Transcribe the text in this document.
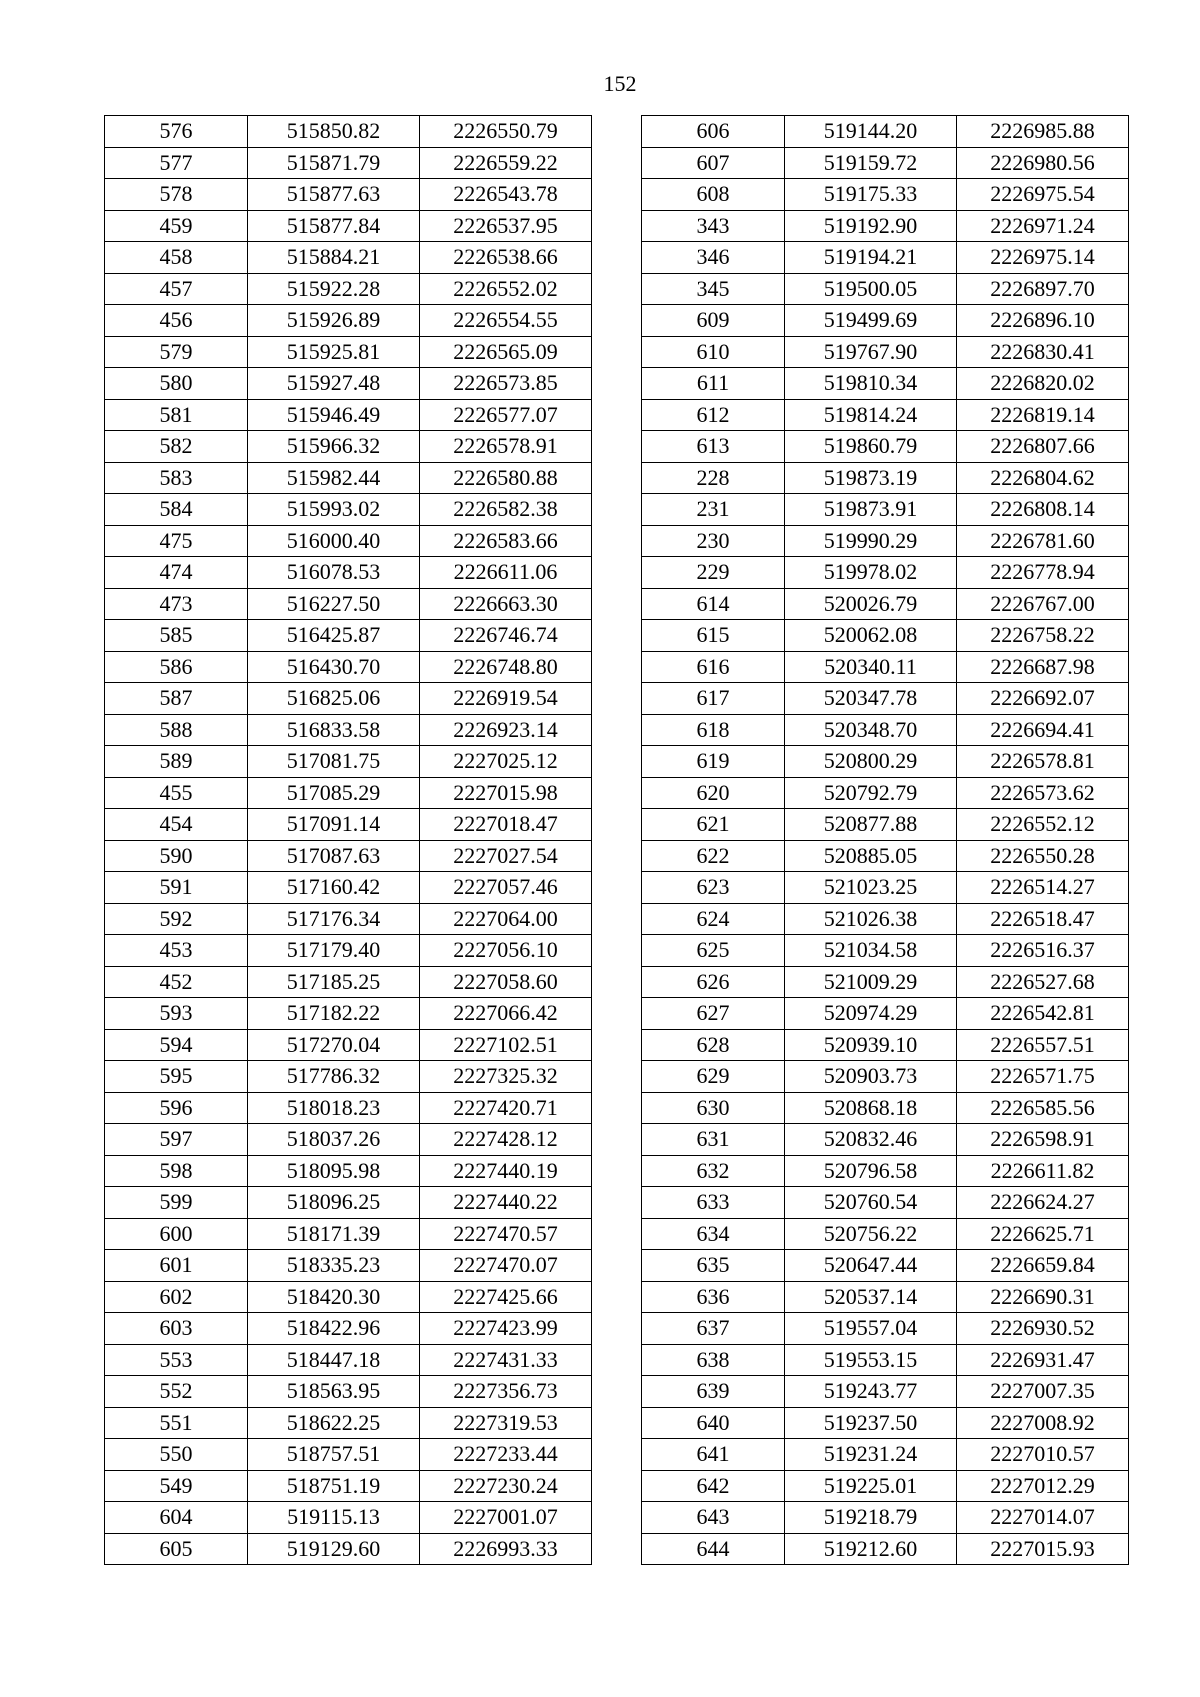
152
576	515850.82	2226550.79
577	515871.79	2226559.22
578	515877.63	2226543.78
459	515877.84	2226537.95
458	515884.21	2226538.66
457	515922.28	2226552.02
456	515926.89	2226554.55
579	515925.81	2226565.09
580	515927.48	2226573.85
581	515946.49	2226577.07
582	515966.32	2226578.91
583	515982.44	2226580.88
584	515993.02	2226582.38
475	516000.40	2226583.66
474	516078.53	2226611.06
473	516227.50	2226663.30
585	516425.87	2226746.74
586	516430.70	2226748.80
587	516825.06	2226919.54
588	516833.58	2226923.14
589	517081.75	2227025.12
455	517085.29	2227015.98
454	517091.14	2227018.47
590	517087.63	2227027.54
591	517160.42	2227057.46
592	517176.34	2227064.00
453	517179.40	2227056.10
452	517185.25	2227058.60
593	517182.22	2227066.42
594	517270.04	2227102.51
595	517786.32	2227325.32
596	518018.23	2227420.71
597	518037.26	2227428.12
598	518095.98	2227440.19
599	518096.25	2227440.22
600	518171.39	2227470.57
601	518335.23	2227470.07
602	518420.30	2227425.66
603	518422.96	2227423.99
553	518447.18	2227431.33
552	518563.95	2227356.73
551	518622.25	2227319.53
550	518757.51	2227233.44
549	518751.19	2227230.24
604	519115.13	2227001.07
605	519129.60	2226993.33
606	519144.20	2226985.88
607	519159.72	2226980.56
608	519175.33	2226975.54
343	519192.90	2226971.24
346	519194.21	2226975.14
345	519500.05	2226897.70
609	519499.69	2226896.10
610	519767.90	2226830.41
611	519810.34	2226820.02
612	519814.24	2226819.14
613	519860.79	2226807.66
228	519873.19	2226804.62
231	519873.91	2226808.14
230	519990.29	2226781.60
229	519978.02	2226778.94
614	520026.79	2226767.00
615	520062.08	2226758.22
616	520340.11	2226687.98
617	520347.78	2226692.07
618	520348.70	2226694.41
619	520800.29	2226578.81
620	520792.79	2226573.62
621	520877.88	2226552.12
622	520885.05	2226550.28
623	521023.25	2226514.27
624	521026.38	2226518.47
625	521034.58	2226516.37
626	521009.29	2226527.68
627	520974.29	2226542.81
628	520939.10	2226557.51
629	520903.73	2226571.75
630	520868.18	2226585.56
631	520832.46	2226598.91
632	520796.58	2226611.82
633	520760.54	2226624.27
634	520756.22	2226625.71
635	520647.44	2226659.84
636	520537.14	2226690.31
637	519557.04	2226930.52
638	519553.15	2226931.47
639	519243.77	2227007.35
640	519237.50	2227008.92
641	519231.24	2227010.57
642	519225.01	2227012.29
643	519218.79	2227014.07
644	519212.60	2227015.93
